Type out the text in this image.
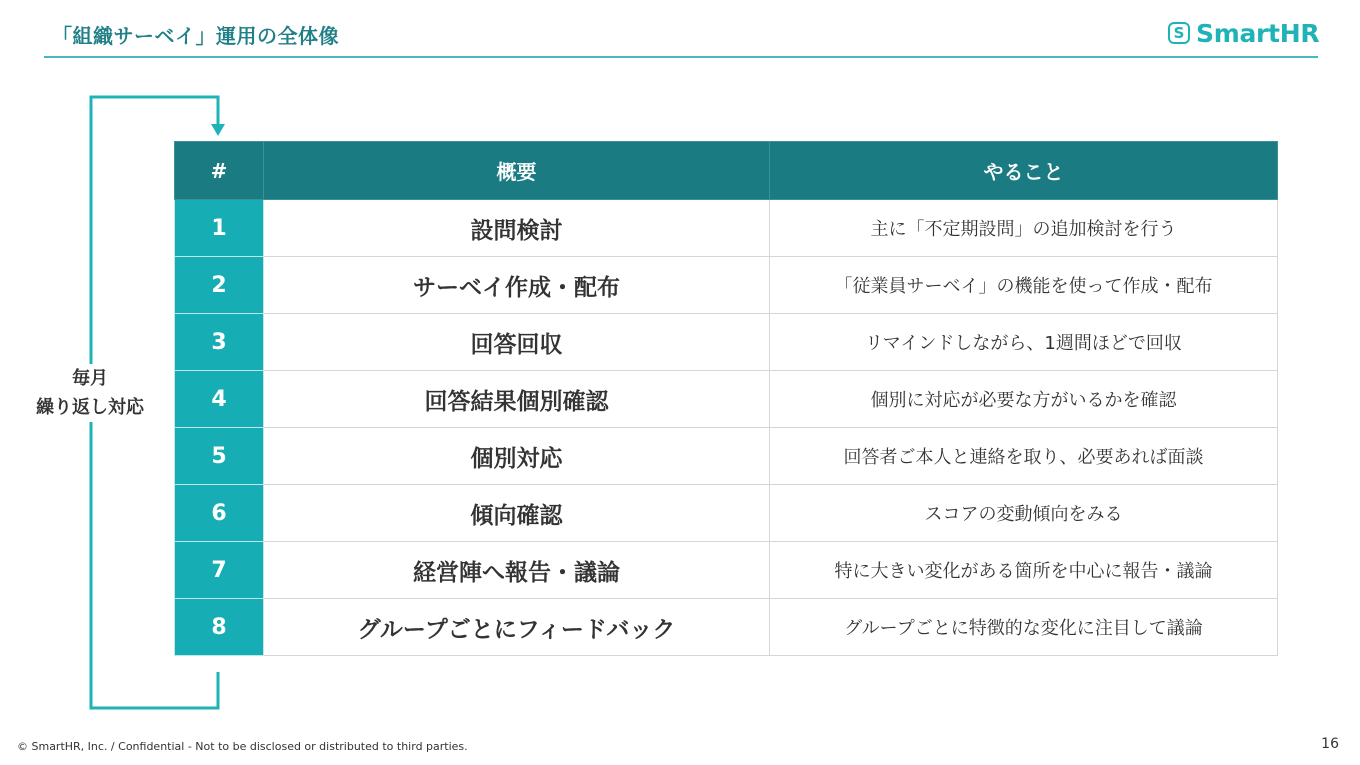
「組織サーベイ」運用の全体像	S SmartHR
毎月
繰り返し対応
#	概要	やること
1	設問検討	主に「不定期設問」の追加検討を行う
2	サーベイ作成・配布	「従業員サーベイ」の機能を使って作成・配布
3	回答回収	リマインドしながら、1週間ほどで回収
4	回答結果個別確認	個別に対応が必要な方がいるかを確認
5	個別対応	回答者ご本人と連絡を取り、必要あれば面談
6	傾向確認	スコアの変動傾向をみる
7	経営陣へ報告・議論	特に大きい変化がある箇所を中心に報告・議論
8	グループごとにフィードバック	グループごとに特徴的な変化に注目して議論
© SmartHR, Inc. / Confidential - Not to be disclosed or distributed to third parties.	16
